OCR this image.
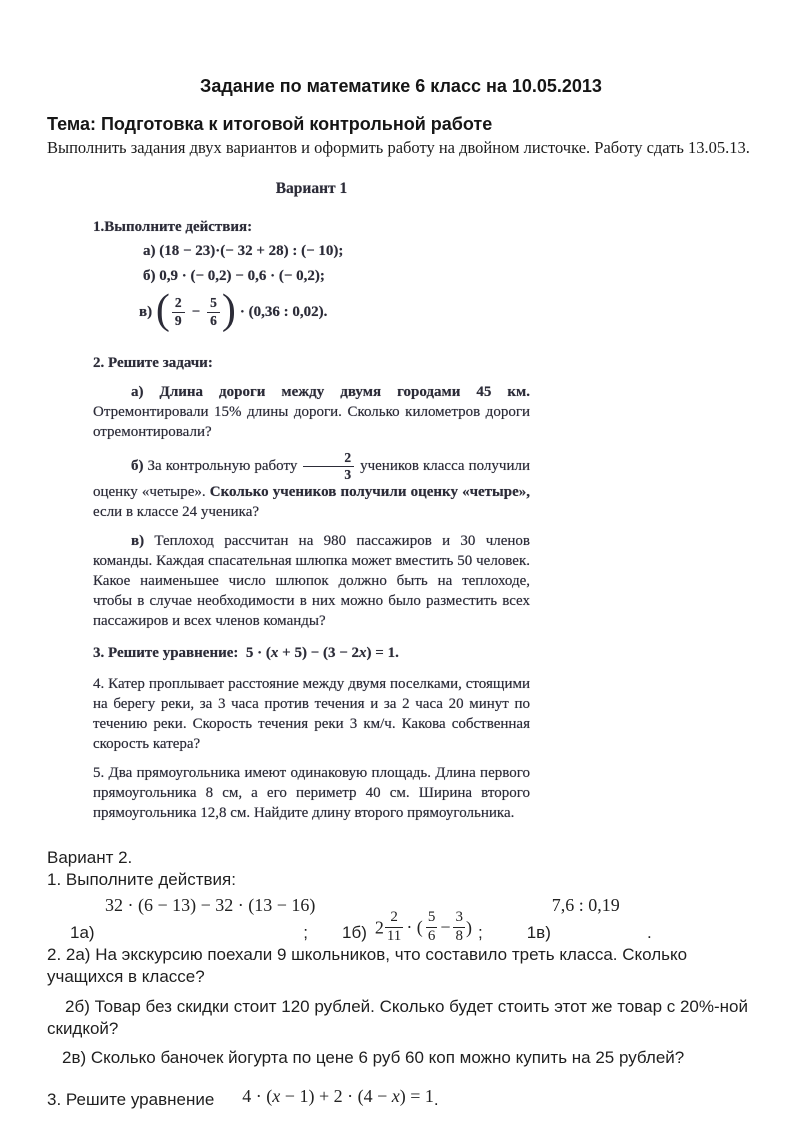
Задание по математике 6 класс на 10.05.2013
Тема: Подготовка к итоговой контрольной работе
Выполнить задания двух вариантов и оформить работу на двойном листочке. Работу сдать 13.05.13.
Вариант 1
1.Выполните действия:
а) (18 − 23)·(− 32 + 28) : (− 10);
б) 0,9 · (− 0,2) − 0,6 · (− 0,2);
в)
( $\frac{2}{9} - \frac{5}{6}$ ) · (0,36 : 0,02).
2. Решите задачи:

а) Длина дороги между двумя городами 45 км. Отремонтировали 15% длины дороги. Сколько километров дороги отремонтировали?

б) За контрольную работу $\frac{2}{3}$ учеников класса получили оценку «четыре». Сколько учеников получили оценку «четыре», если в классе 24 ученика?

в) Теплоход рассчитан на 980 пассажиров и 30 членов команды. Каждая спасательная шлюпка может вместить 50 человек. Какое наименьшее число шлюпок должно быть на теплоходе, чтобы в случае необходимости в них можно было разместить всех пассажиров и всех членов команды?

3. Решите уравнение: 5 · (x + 5) − (3 − 2x) = 1.

4. Катер проплывает расстояние между двумя поселками, стоящими на берегу реки, за 3 часа против течения и за 2 часа 20 минут по течению реки. Скорость течения реки 3 км/ч. Какова собственная скорость катера?

5. Два прямоугольника имеют одинаковую площадь. Длина первого прямоугольника 8 см, а его периметр 40 см. Ширина второго прямоугольника 12,8 см. Найдите длину второго прямоугольника.

Вариант 2.

1. Выполните действия:

32 · (6 − 13) − 32 · (13 − 16)
1а)	; 1б) $2 \frac{2}{11}$ · ( $\frac{5}{6} - \frac{3}{8}$ ) ;
7,6 : 0,19
1в)	.

2. 2а) На экскурсию поехали 9 школьников, что составило треть класса. Сколько учащихся в классе?

2б) Товар без скидки стоит 120 рублей. Сколько будет стоить этот же товар с 20%-ной скидкой?

2в) Сколько баночек йогурта по цене 6 руб 60 коп можно купить на 25 рублей?

3. Решите уравнение 4 · (x − 1) + 2 · (4 − x) = 1.
